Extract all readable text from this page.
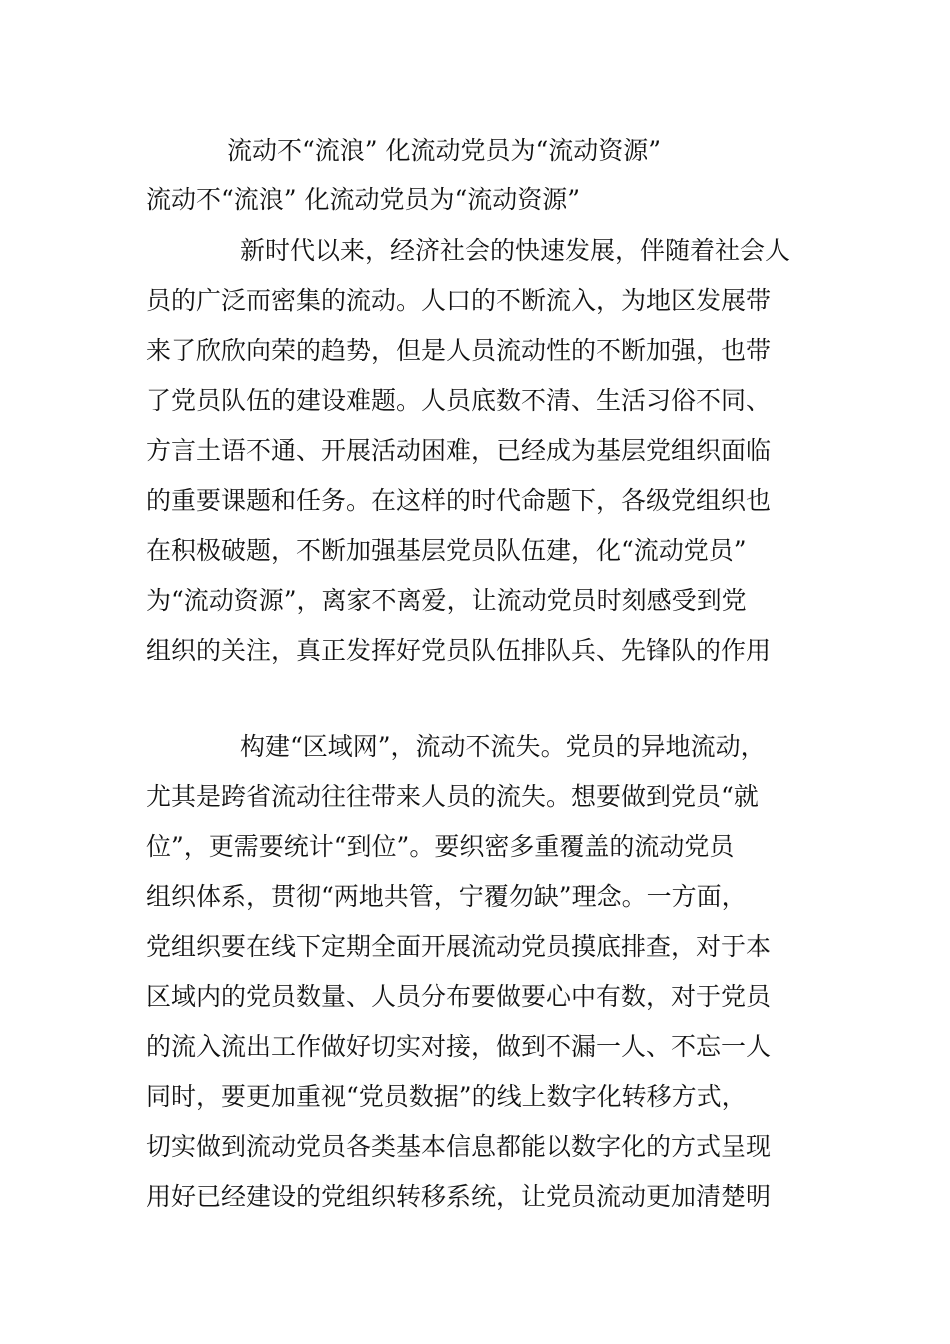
流动不“流浪” 化流动党员为“流动资源”
流动不“流浪” 化流动党员为“流动资源”
新时代以来，经济社会的快速发展，伴随着社会人
员的广泛而密集的流动。人口的不断流入，为地区发展带
来了欣欣向荣的趋势，但是人员流动性的不断加强，也带
了党员队伍的建设难题。人员底数不清、生活习俗不同、
方言土语不通、开展活动困难，已经成为基层党组织面临
的重要课题和任务。在这样的时代命题下，各级党组织也
在积极破题，不断加强基层党员队伍建，化“流动党员”
为“流动资源”，离家不离爱，让流动党员时刻感受到党
组织的关注，真正发挥好党员队伍排队兵、先锋队的作用
构建“区域网”，流动不流失。党员的异地流动，
尤其是跨省流动往往带来人员的流失。想要做到党员“就
位”，更需要统计“到位”。要织密多重覆盖的流动党员
组织体系，贯彻“两地共管，宁覆勿缺”理念。一方面，
党组织要在线下定期全面开展流动党员摸底排查，对于本
区域内的党员数量、人员分布要做要心中有数，对于党员
的流入流出工作做好切实对接，做到不漏一人、不忘一人
同时，要更加重视“党员数据”的线上数字化转移方式，
切实做到流动党员各类基本信息都能以数字化的方式呈现
用好已经建设的党组织转移系统，让党员流动更加清楚明
